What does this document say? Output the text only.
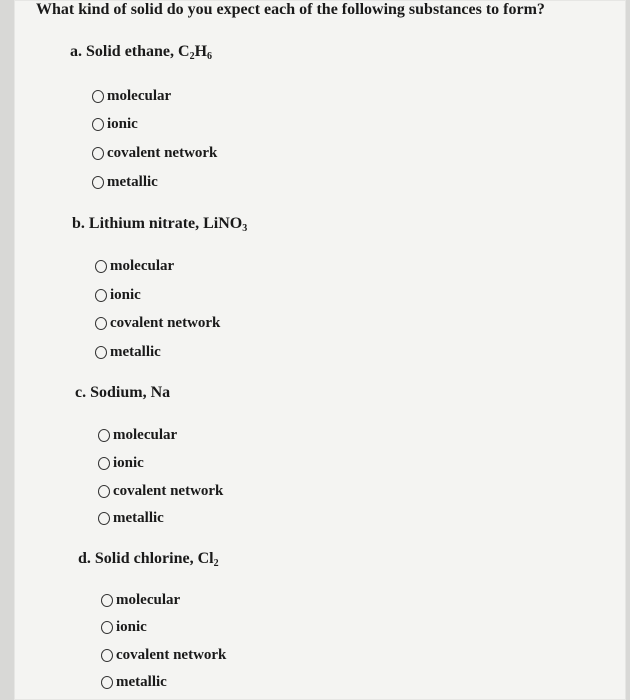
What kind of solid do you expect each of the following substances to form?
a. Solid ethane, $C_2H_6$
molecular
ionic
covalent network
metallic
b. Lithium nitrate, LiNO$_3$
molecular
ionic
covalent network
metallic
c. Sodium, Na
molecular
ionic
covalent network
metallic
d. Solid chlorine, $Cl_2$
molecular
ionic
covalent network
metallic
